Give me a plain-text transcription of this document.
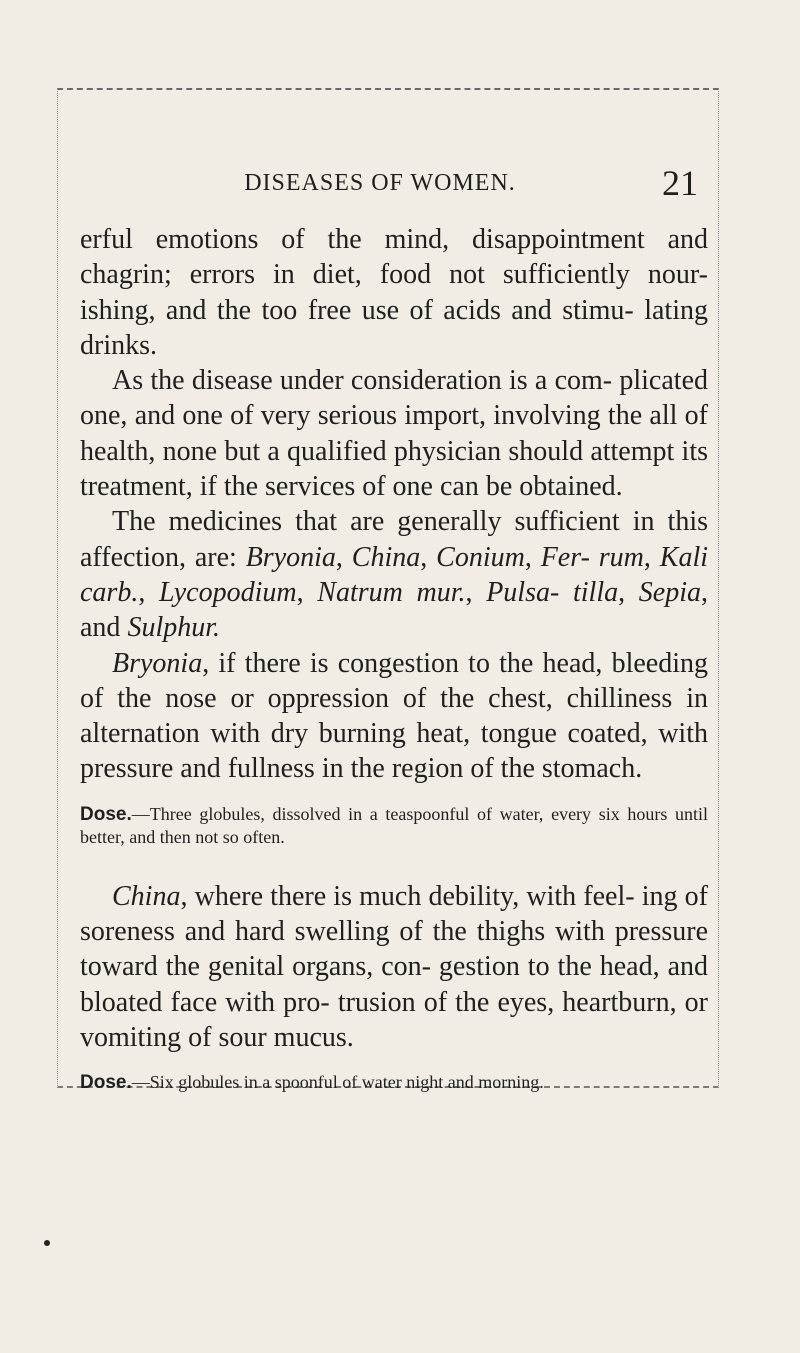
DISEASES OF WOMEN.	21

erful emotions of the mind, disappointment and chagrin; errors in diet, food not sufficiently nour- ishing, and the too free use of acids and stimu- lating drinks.

As the disease under consideration is a com- plicated one, and one of very serious import, involving the all of health, none but a qualified physician should attempt its treatment, if the services of one can be obtained.

The medicines that are generally sufficient in this affection, are: Bryonia, China, Conium, Fer- rum, Kali carb., Lycopodium, Natrum mur., Pulsa- tilla, Sepia, and Sulphur.

Bryonia, if there is congestion to the head, bleeding of the nose or oppression of the chest, chilliness in alternation with dry burning heat, tongue coated, with pressure and fullness in the region of the stomach.

Dose.—Three globules, dissolved in a teaspoonful of water, every six hours until better, and then not so often.

China, where there is much debility, with feel- ing of soreness and hard swelling of the thighs with pressure toward the genital organs, con- gestion to the head, and bloated face with pro- trusion of the eyes, heartburn, or vomiting of sour mucus.

Dose.—Six globules in a spoonful of water night and morning.
